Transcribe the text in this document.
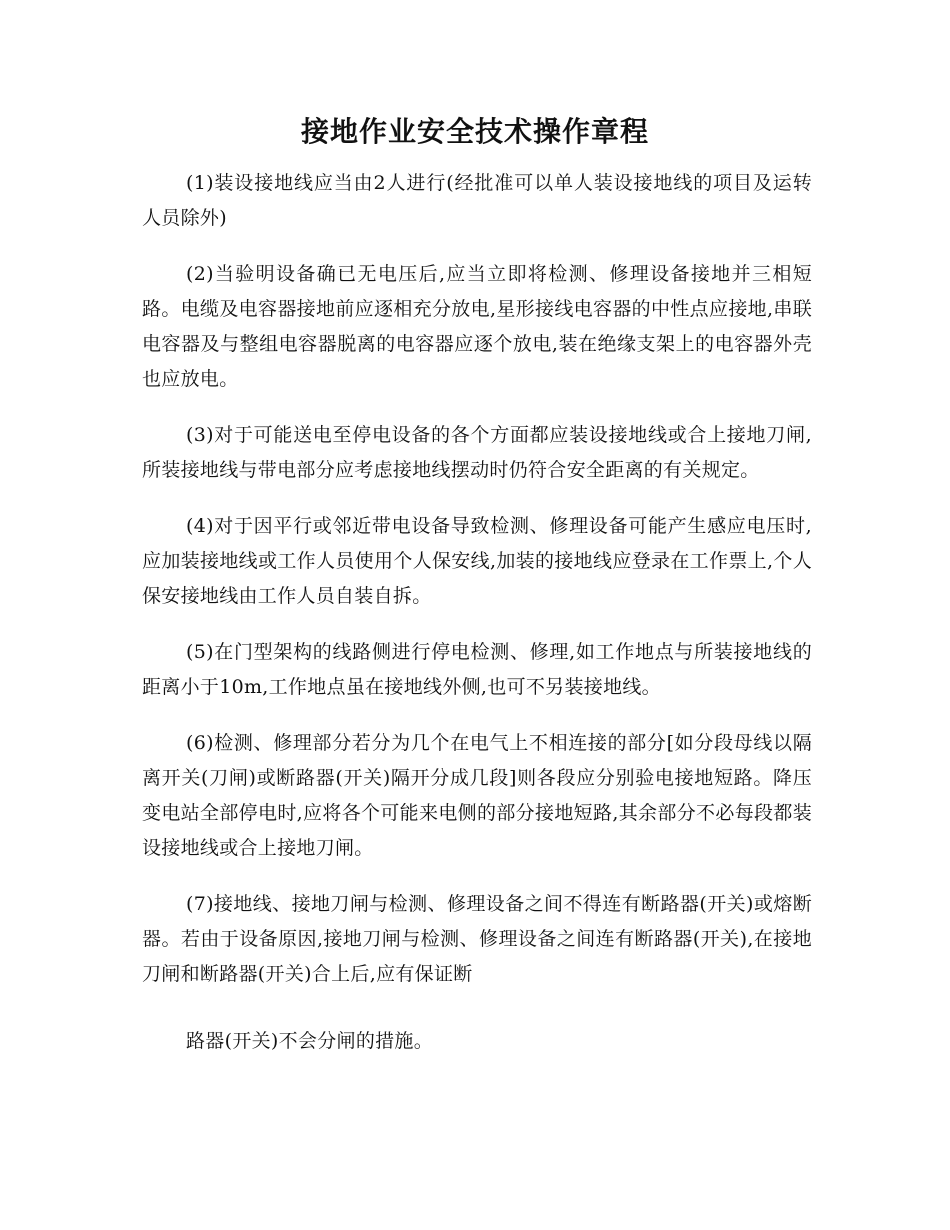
接地作业安全技术操作章程

(1)装设接地线应当由2人进行(经批准可以单人装设接地线的项目及运转人员除外)

(2)当验明设备确已无电压后,应当立即将检测、修理设备接地并三相短路。电缆及电容器接地前应逐相充分放电,星形接线电容器的中性点应接地,串联电容器及与整组电容器脱离的电容器应逐个放电,装在绝缘支架上的电容器外壳也应放电。

(3)对于可能送电至停电设备的各个方面都应装设接地线或合上接地刀闸,所装接地线与带电部分应考虑接地线摆动时仍符合安全距离的有关规定。

(4)对于因平行或邻近带电设备导致检测、修理设备可能产生感应电压时,应加装接地线或工作人员使用个人保安线,加装的接地线应登录在工作票上,个人保安接地线由工作人员自装自拆。

(5)在门型架构的线路侧进行停电检测、修理,如工作地点与所装接地线的距离小于10m,工作地点虽在接地线外侧,也可不另装接地线。

(6)检测、修理部分若分为几个在电气上不相连接的部分[如分段母线以隔离开关(刀闸)或断路器(开关)隔开分成几段]则各段应分别验电接地短路。降压变电站全部停电时,应将各个可能来电侧的部分接地短路,其余部分不必每段都装设接地线或合上接地刀闸。

(7)接地线、接地刀闸与检测、修理设备之间不得连有断路器(开关)或熔断器。若由于设备原因,接地刀闸与检测、修理设备之间连有断路器(开关),在接地刀闸和断路器(开关)合上后,应有保证断

路器(开关)不会分闸的措施。
